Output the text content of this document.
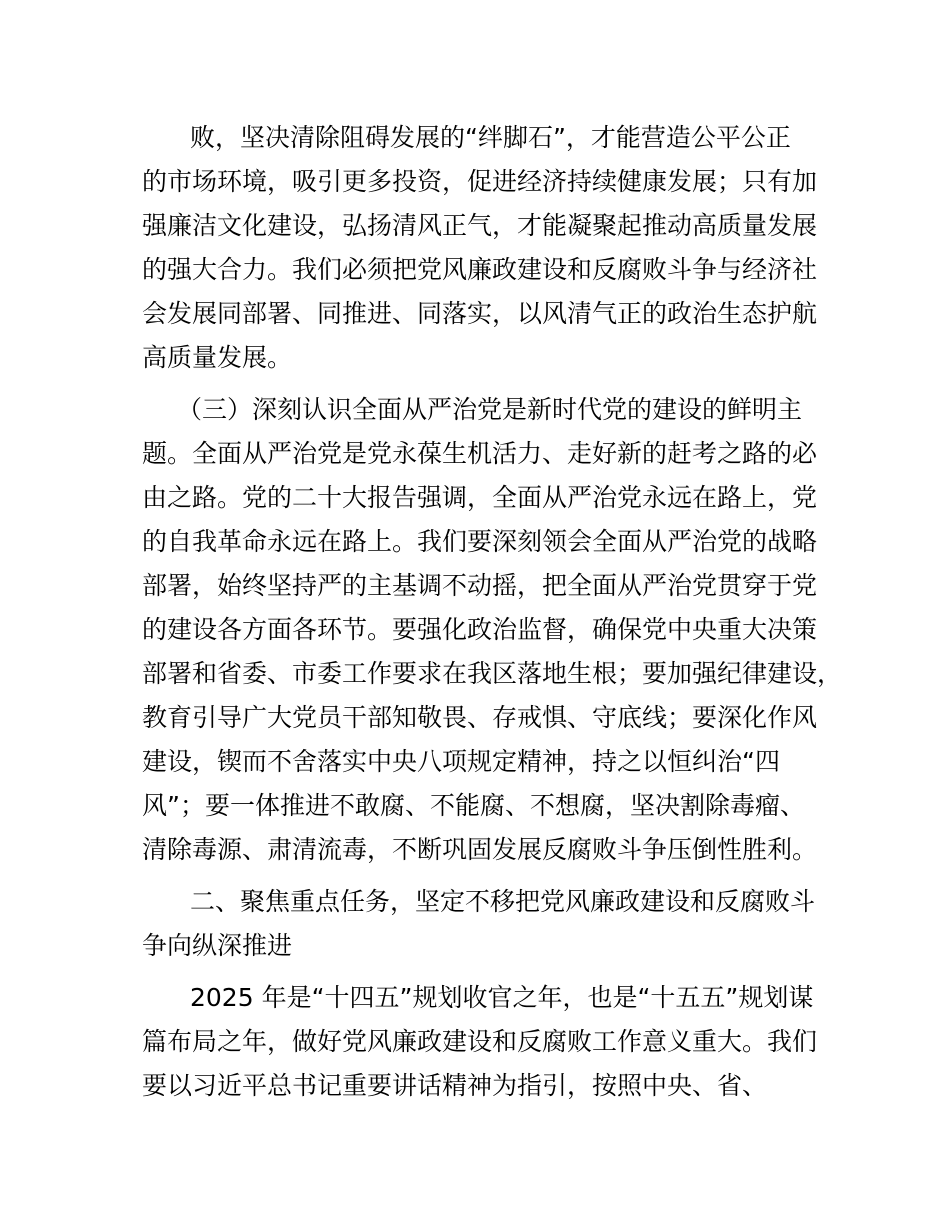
败，坚决清除阻碍发展的“绊脚石”，才能营造公平公正
的市场环境，吸引更多投资，促进经济持续健康发展；只有加
强廉洁文化建设，弘扬清风正气，才能凝聚起推动高质量发展
的强大合力。我们必须把党风廉政建设和反腐败斗争与经济社
会发展同部署、同推进、同落实，以风清气正的政治生态护航
高质量发展。
（三）深刻认识全面从严治党是新时代党的建设的鲜明主
题。全面从严治党是党永葆生机活力、走好新的赶考之路的必
由之路。党的二十大报告强调，全面从严治党永远在路上，党
的自我革命永远在路上。我们要深刻领会全面从严治党的战略
部署，始终坚持严的主基调不动摇，把全面从严治党贯穿于党
的建设各方面各环节。要强化政治监督，确保党中央重大决策
部署和省委、市委工作要求在我区落地生根；要加强纪律建设，
教育引导广大党员干部知敬畏、存戒惧、守底线；要深化作风
建设，锲而不舍落实中央八项规定精神，持之以恒纠治“四
风”；要一体推进不敢腐、不能腐、不想腐，坚决割除毒瘤、
清除毒源、肃清流毒，不断巩固发展反腐败斗争压倒性胜利。
二、聚焦重点任务，坚定不移把党风廉政建设和反腐败斗
争向纵深推进
2025 年是“十四五”规划收官之年，也是“十五五”规划谋
篇布局之年，做好党风廉政建设和反腐败工作意义重大。我们
要以习近平总书记重要讲话精神为指引，按照中央、省、
